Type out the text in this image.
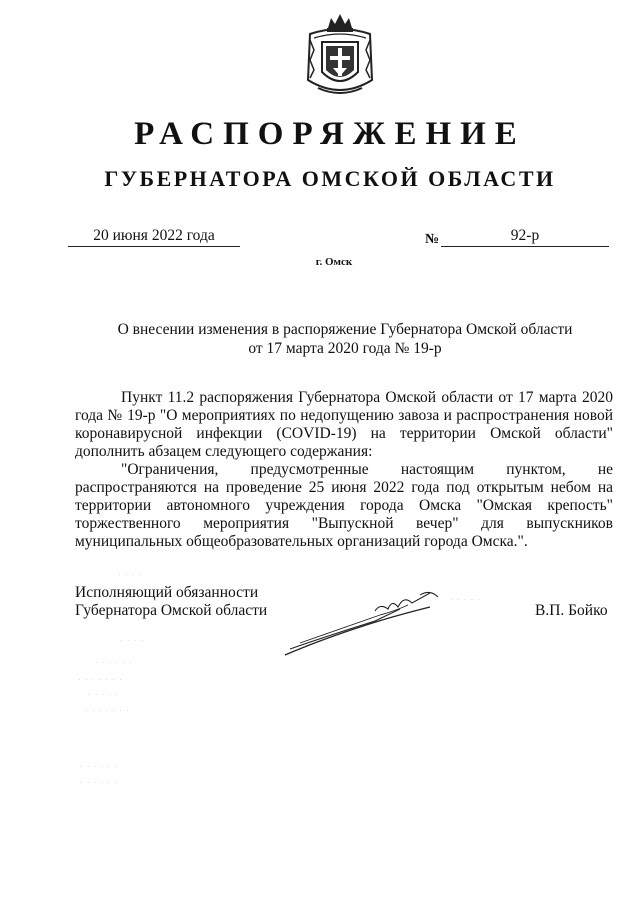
РАСПОРЯЖЕНИЕ
ГУБЕРНАТОРА ОМСКОЙ ОБЛАСТИ
20 июня 2022 года	№	92-р
г. Омск
О внесении изменения в распоряжение Губернатора Омской области
от 17 марта 2020 года № 19-р

Пункт 11.2 распоряжения Губернатора Омской области от 17 марта 2020 года № 19-р "О мероприятиях по недопущению завоза и распространения новой коронавирусной инфекции (COVID-19) на территории Омской области" дополнить абзацем следующего содержания:

"Ограничения, предусмотренные настоящим пунктом, не распространяются на проведение 25 июня 2022 года под открытым небом на территории автономного учреждения города Омска "Омская крепость" торжественного мероприятия "Выпускной вечер" для выпускников муниципальных общеобразовательных организаций города Омска.".

Исполняющий обязанности
Губернатора Омской области	В.П. Бойко
· · · ·
· · · · ·
· · · ·
· · · · · ·
· · · · · · ·
· · · · ·
· · · · · · ·
· · · · · ·
· · · · · ·
